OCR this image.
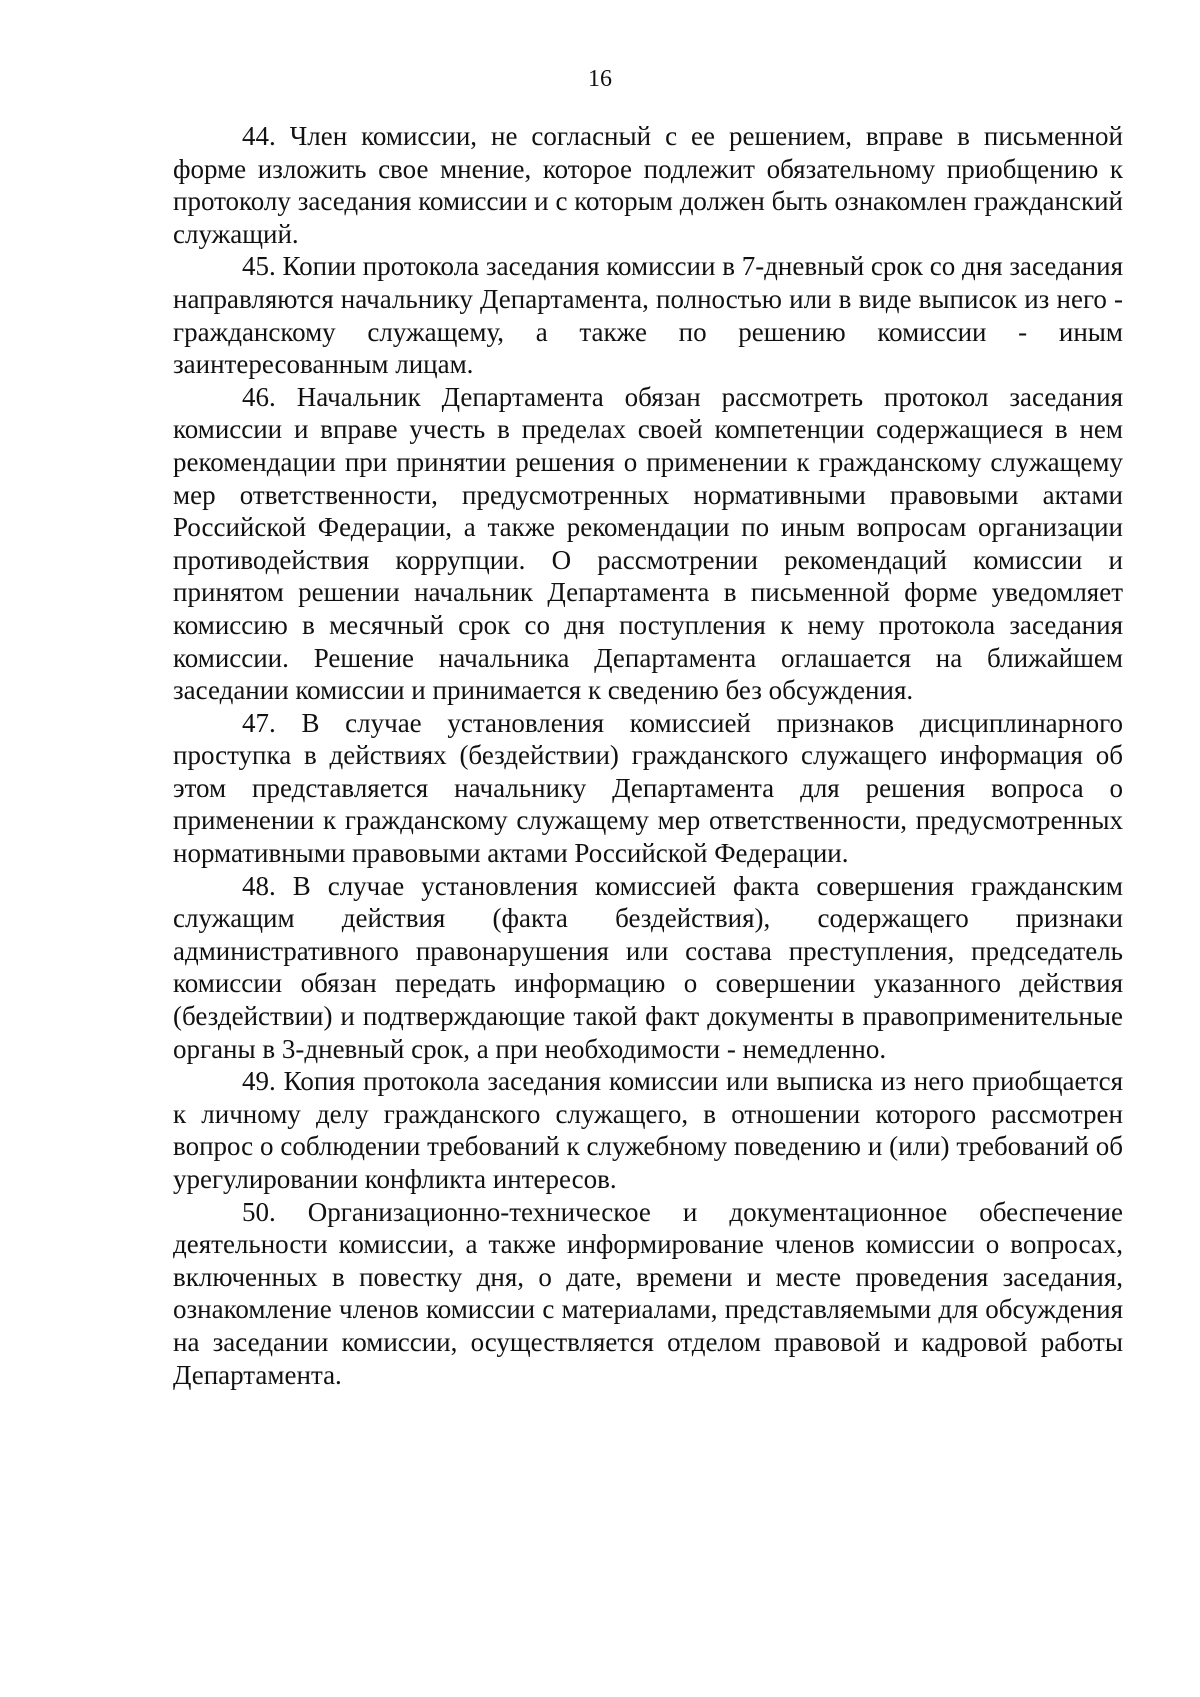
16

44. Член комиссии, не согласный с ее решением, вправе в письменной форме изложить свое мнение, которое подлежит обязательному приобщению к протоколу заседания комиссии и с которым должен быть ознакомлен гражданский служащий.

45. Копии протокола заседания комиссии в 7-дневный срок со дня заседания направляются начальнику Департамента, полностью или в виде выписок из него - гражданскому служащему, а также по решению комиссии - иным заинтересованным лицам.

46. Начальник Департамента обязан рассмотреть протокол заседания комиссии и вправе учесть в пределах своей компетенции содержащиеся в нем рекомендации при принятии решения о применении к гражданскому служащему мер ответственности, предусмотренных нормативными правовыми актами Российской Федерации, а также рекомендации по иным вопросам организации противодействия коррупции. О рассмотрении рекомендаций комиссии и принятом решении начальник Департамента в письменной форме уведомляет комиссию в месячный срок со дня поступления к нему протокола заседания комиссии. Решение начальника Департамента оглашается на ближайшем заседании комиссии и принимается к сведению без обсуждения.

47. В случае установления комиссией признаков дисциплинарного проступка в действиях (бездействии) гражданского служащего информация об этом представляется начальнику Департамента для решения вопроса о применении к гражданскому служащему мер ответственности, предусмотренных нормативными правовыми актами Российской Федерации.

48. В случае установления комиссией факта совершения гражданским служащим действия (факта бездействия), содержащего признаки административного правонарушения или состава преступления, председатель комиссии обязан передать информацию о совершении указанного действия (бездействии) и подтверждающие такой факт документы в правоприменительные органы в 3-дневный срок, а при необходимости - немедленно.

49. Копия протокола заседания комиссии или выписка из него приобщается к личному делу гражданского служащего, в отношении которого рассмотрен вопрос о соблюдении требований к служебному поведению и (или) требований об урегулировании конфликта интересов.

50. Организационно-техническое и документационное обеспечение деятельности комиссии, а также информирование членов комиссии о вопросах, включенных в повестку дня, о дате, времени и месте проведения заседания, ознакомление членов комиссии с материалами, представляемыми для обсуждения на заседании комиссии, осуществляется отделом правовой и кадровой работы Департамента.
